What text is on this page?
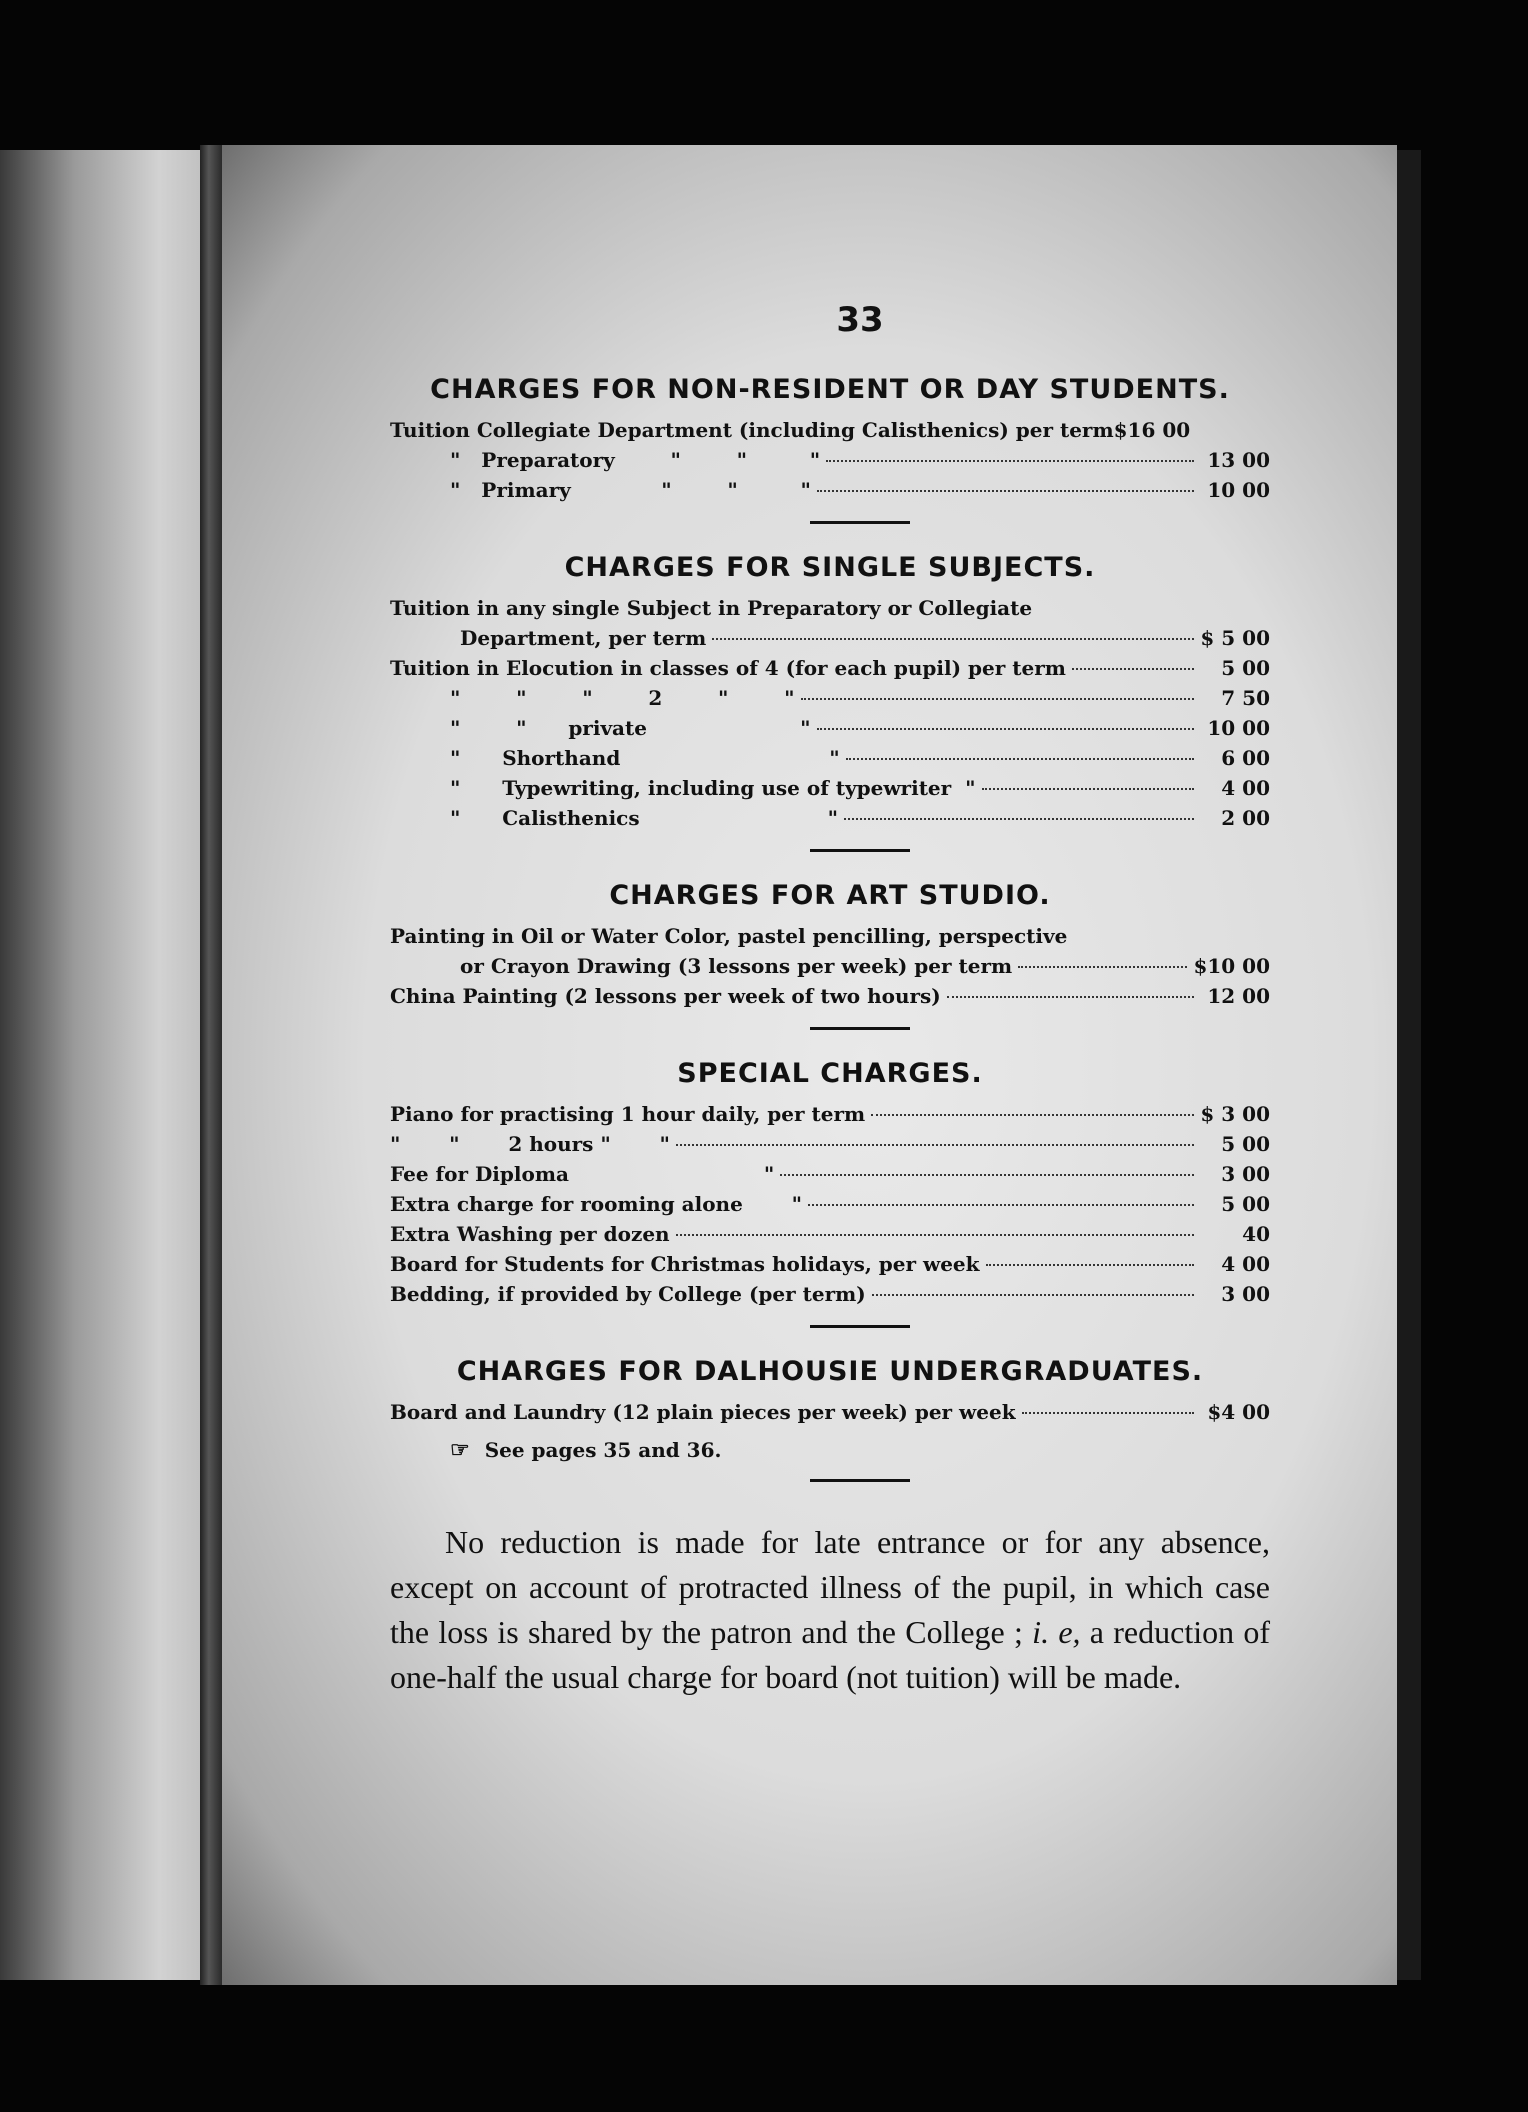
33
CHARGES FOR NON-RESIDENT OR DAY STUDENTS.
Tuition Collegiate Department (including Calisthenics) per term $16 00
"   Preparatory        "        "         "	13 00
"   Primary             "        "         "	10 00
CHARGES FOR SINGLE SUBJECTS.
Tuition in any single Subject in Preparatory or Collegiate
Department, per term	$ 5 00
Tuition in Elocution in classes of 4 (for each pupil) per term	5 00
"        "        "        2        "        "	7 50
"        "      private                      "	10 00
"      Shorthand                              "	6 00
"      Typewriting, including use of typewriter  "	4 00
"      Calisthenics                           "	2 00
CHARGES FOR ART STUDIO.
Painting in Oil or Water Color, pastel pencilling, perspective
or Crayon Drawing (3 lessons per week) per term	$10 00
China Painting (2 lessons per week of two hours)	12 00
SPECIAL CHARGES.
Piano for practising 1 hour daily, per term	$ 3 00
"       "       2 hours "       "	5 00
Fee for Diploma                            "	3 00
Extra charge for rooming alone       "	5 00
Extra Washing per dozen	40
Board for Students for Christmas holidays, per week	4 00
Bedding, if provided by College (per term)	3 00
CHARGES FOR DALHOUSIE UNDERGRADUATES.
Board and Laundry (12 plain pieces per week) per week	$4 00
☞ See pages 35 and 36.

No reduction is made for late entrance or for any absence, except on account of protracted illness of the pupil, in which case the loss is shared by the patron and the College ; i. e, a reduction of one-half the usual charge for board (not tuition) will be made.
